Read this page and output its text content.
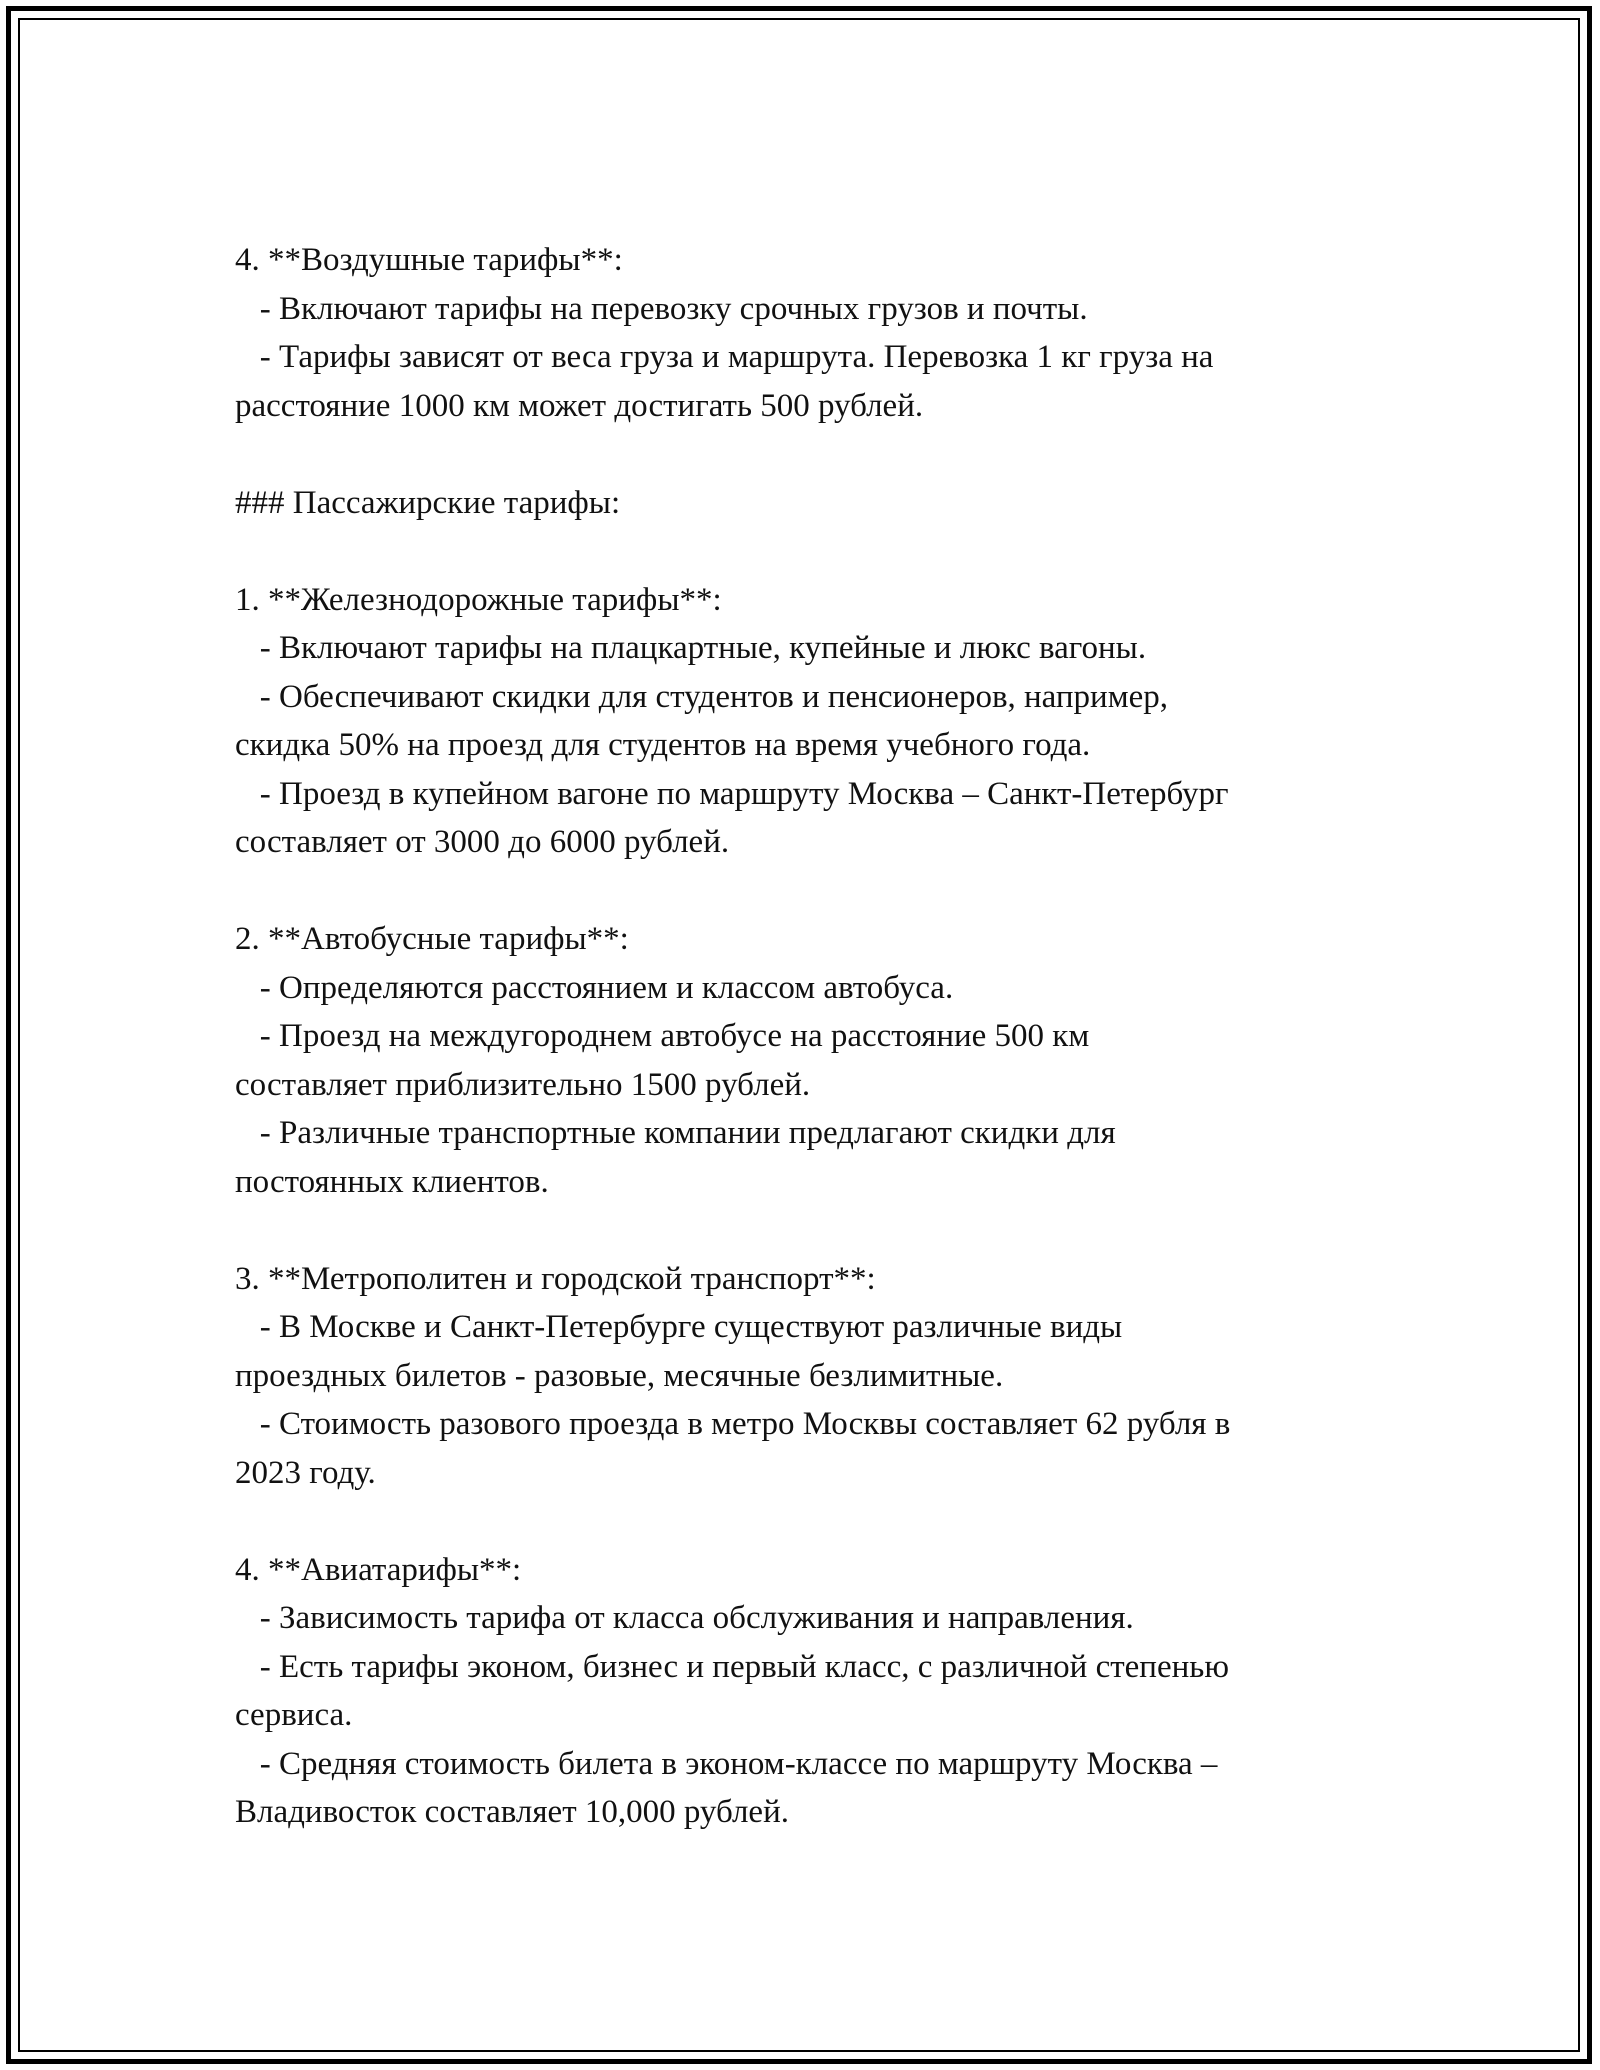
4. **Воздушные тарифы**:

- Включают тарифы на перевозку срочных грузов и почты.

- Тарифы зависят от веса груза и маршрута. Перевозка 1 кг груза на

расстояние 1000 км может достигать 500 рублей.

### Пассажирские тарифы:

1. **Железнодорожные тарифы**:

- Включают тарифы на плацкартные, купейные и люкс вагоны.

- Обеспечивают скидки для студентов и пенсионеров, например,

скидка 50% на проезд для студентов на время учебного года.

- Проезд в купейном вагоне по маршруту Москва – Санкт-Петербург

составляет от 3000 до 6000 рублей.

2. **Автобусные тарифы**:

- Определяются расстоянием и классом автобуса.

- Проезд на междугороднем автобусе на расстояние 500 км

составляет приблизительно 1500 рублей.

- Различные транспортные компании предлагают скидки для

постоянных клиентов.

3. **Метрополитен и городской транспорт**:

- В Москве и Санкт-Петербурге существуют различные виды

проездных билетов - разовые, месячные безлимитные.

- Стоимость разового проезда в метро Москвы составляет 62 рубля в

2023 году.

4. **Авиатарифы**:

- Зависимость тарифа от класса обслуживания и направления.

- Есть тарифы эконом, бизнес и первый класс, с различной степенью

сервиса.

- Средняя стоимость билета в эконом-классе по маршруту Москва –

Владивосток составляет 10,000 рублей.
